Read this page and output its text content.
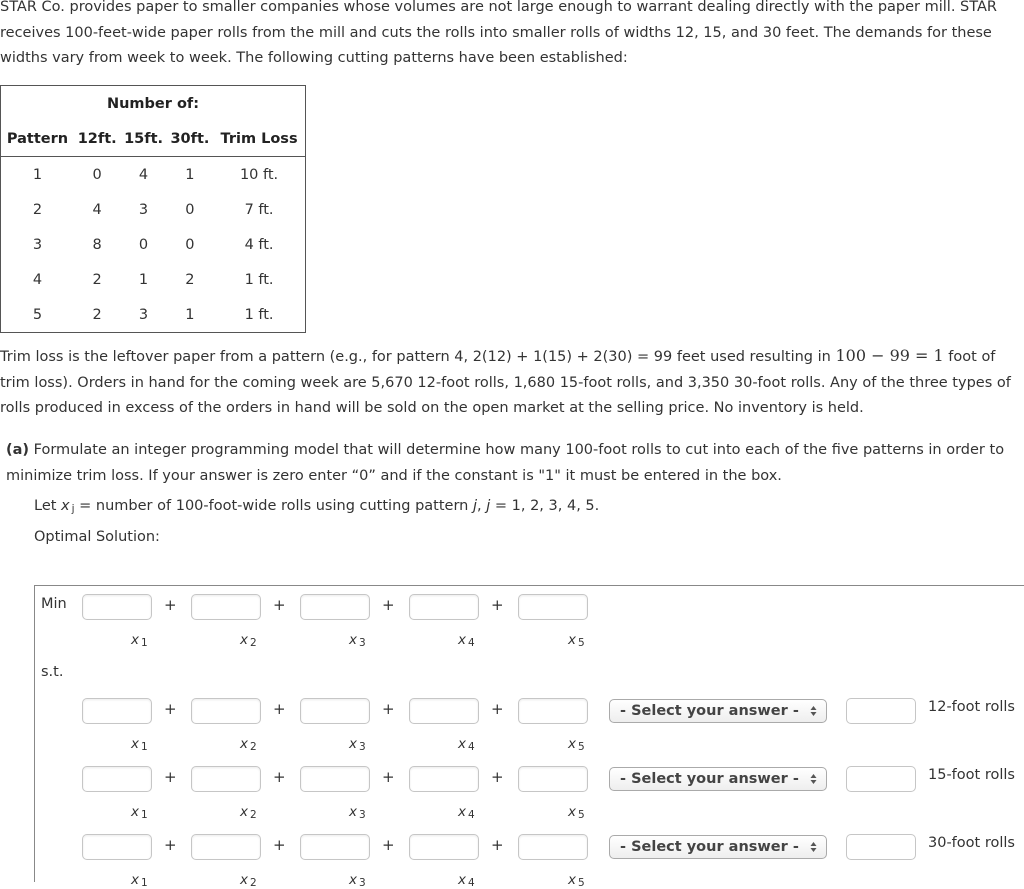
STAR Co. provides paper to smaller companies whose volumes are not large enough to warrant dealing directly with the paper mill. STAR receives 100-feet-wide paper rolls from the mill and cuts the rolls into smaller rolls of widths 12, 15, and 30 feet. The demands for these widths vary from week to week. The following cutting patterns have been established:

Number of:				
Pattern	12ft.	15ft.	30ft.	Trim Loss
1	0	4	1	10 ft.
2	4	3	0	7 ft.
3	8	0	0	4 ft.
4	2	1	2	1 ft.
5	2	3	1	1 ft.

Trim loss is the leftover paper from a pattern (e.g., for pattern 4, 2(12) + 1(15) + 2(30) = 99 feet used resulting in 100 − 99 = 1 foot of trim loss). Orders in hand for the coming week are 5,670 12-foot rolls, 1,680 15-foot rolls, and 3,350 30-foot rolls. Any of the three types of rolls produced in excess of the orders in hand will be sold on the open market at the selling price. No inventory is held.

(a) Formulate an integer programming model that will determine how many 100-foot rolls to cut into each of the five patterns in order to minimize trim loss. If your answer is zero enter “0” and if the constant is "1" it must be entered in the box.
Let x j = number of 100-foot-wide rolls using cutting pattern j, j = 1, 2, 3, 4, 5.
Optimal Solution:
Min
s.t.
x 1	x 2	x 3	x 4	x 5
+	+	+	+
x 1	x 2	x 3	x 4	x 5
+	+	+	+	- Select your answer -	12-foot rolls
x 1	x 2	x 3	x 4	x 5
+	+	+	+	- Select your answer -	15-foot rolls
x 1	x 2	x 3	x 4	x 5
+	+	+	+	- Select your answer -	30-foot rolls
